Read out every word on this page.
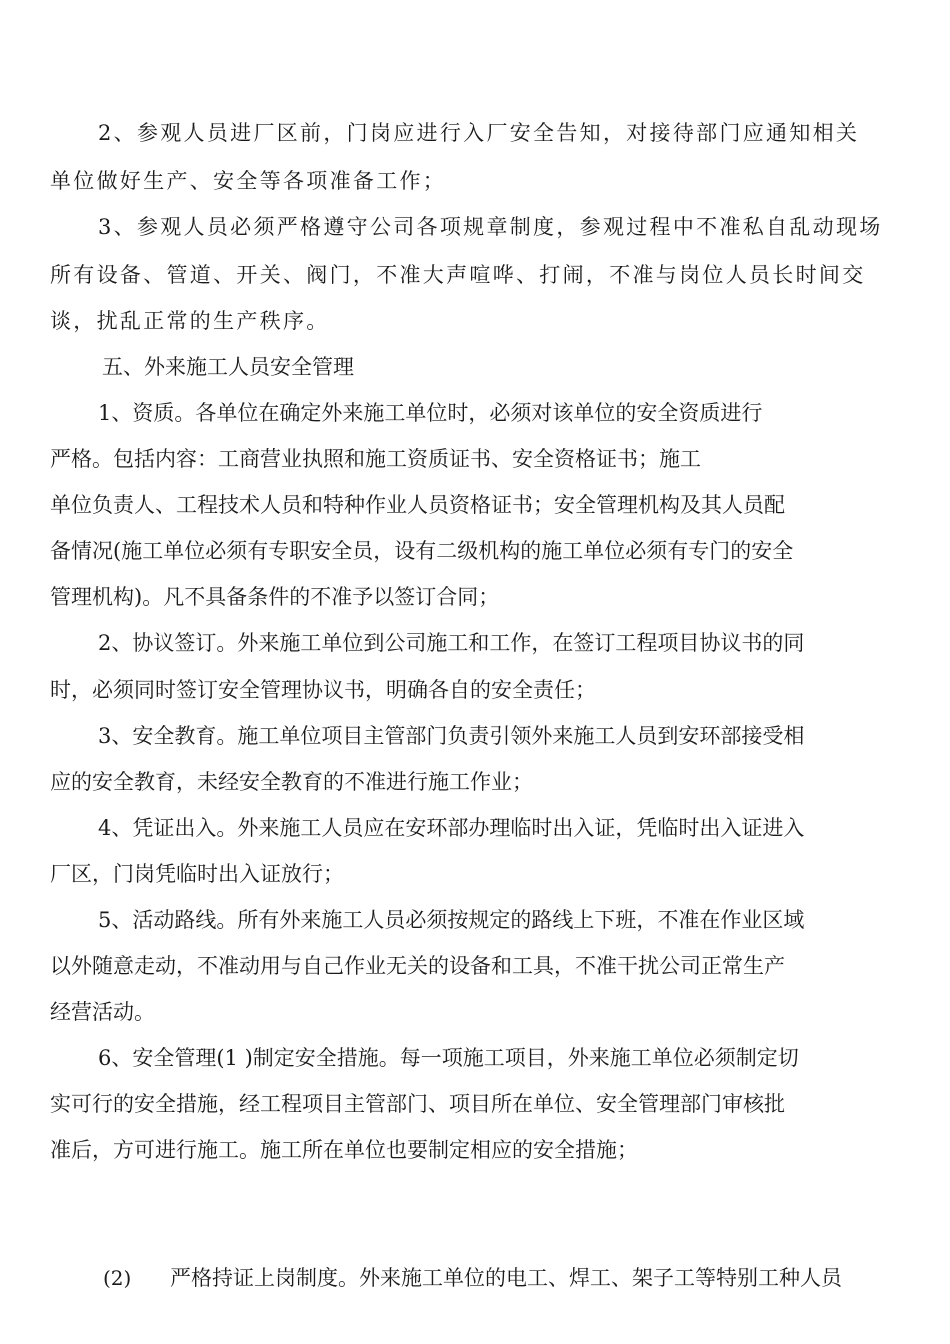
2、参观人员进厂区前，门岗应进行入厂安全告知，对接待部门应通知相关
单位做好生产、安全等各项准备工作；
3、参观人员必须严格遵守公司各项规章制度，参观过程中不准私自乱动现场
所有设备、管道、开关、阀门，不准大声喧哗、打闹，不准与岗位人员长时间交
谈，扰乱正常的生产秩序。
五、外来施工人员安全管理
1、资质。各单位在确定外来施工单位时，必须对该单位的安全资质进行
严格。包括内容：工商营业执照和施工资质证书、安全资格证书；施工
单位负责人、工程技术人员和特种作业人员资格证书；安全管理机构及其人员配
备情况(施工单位必须有专职安全员，设有二级机构的施工单位必须有专门的安全
管理机构)。凡不具备条件的不准予以签订合同；
2、协议签订。外来施工单位到公司施工和工作，在签订工程项目协议书的同
时，必须同时签订安全管理协议书，明确各自的安全责任；
3、安全教育。施工单位项目主管部门负责引领外来施工人员到安环部接受相
应的安全教育，未经安全教育的不准进行施工作业；
4、凭证出入。外来施工人员应在安环部办理临时出入证，凭临时出入证进入
厂区，门岗凭临时出入证放行；
5、活动路线。所有外来施工人员必须按规定的路线上下班，不准在作业区域
以外随意走动，不准动用与自己作业无关的设备和工具，不准干扰公司正常生产
经营活动。
6、安全管理(1 )制定安全措施。每一项施工项目，外来施工单位必须制定切
实可行的安全措施，经工程项目主管部门、项目所在单位、安全管理部门审核批
准后，方可进行施工。施工所在单位也要制定相应的安全措施；
(2) 严格持证上岗制度。外来施工单位的电工、焊工、架子工等特别工种人员
